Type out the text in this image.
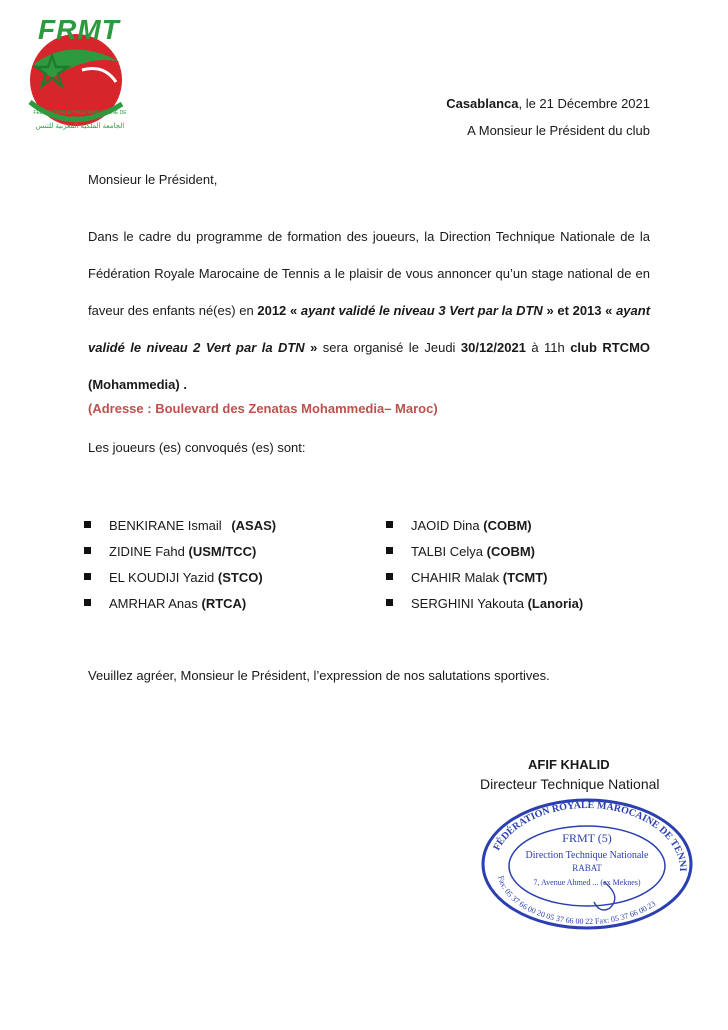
FRMT
FÉDÉRATION ROYALE MAROCAINE DE TENNIS
الجامعة الملكية المغربية للتنس
Casablanca, le 21 Décembre 2021
A Monsieur le Président du club
Monsieur le Président,
Dans le cadre du programme de formation des joueurs, la Direction Technique Nationale de la Fédération Royale Marocaine de Tennis a le plaisir de vous annoncer qu’un stage national de en faveur des enfants né(es) en 2012 « ayant validé le niveau 3 Vert par la DTN » et 2013 « ayant validé le niveau 2 Vert par la DTN » sera organisé le Jeudi 30/12/2021 à 11h club RTCMO (Mohammedia) .
(Adresse : Boulevard des Zenatas Mohammedia– Maroc)
Les joueurs (es) convoqués (es) sont:
BENKIRANE Ismail
(ASAS)
ZIDINE Fahd
(USM/TCC)
EL KOUDIJI Yazid
(STCO)
AMRHAR Anas
(RTCA)
JAOID Dina
(COBM)
TALBI Celya
(COBM)
CHAHIR Malak
(TCMT)
SERGHINI Yakouta
(Lanoria)
Veuillez agréer, Monsieur le Président, l’expression de nos salutations sportives.
AFIF KHALID
Directeur Technique National
FÉDÉRATION ROYALE MAROCAINE DE TENNI
Fax: 05 37 66 00 20 05 37 66 00 22 Fax: 05 37 66 00 23
FRMT (5)
Direction Technique Nationale
RABAT
7, Avenue Ahmed ... (ex Meknes)
